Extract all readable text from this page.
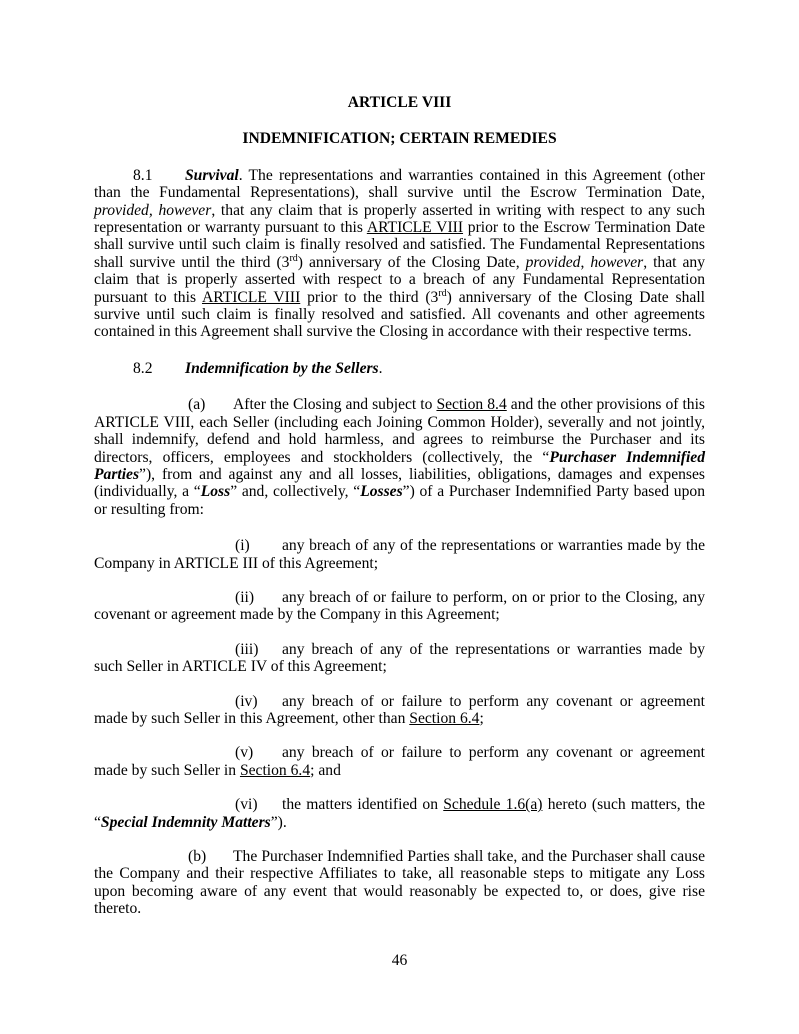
ARTICLE VIII

INDEMNIFICATION; CERTAIN REMEDIES

8.1 Survival. The representations and warranties contained in this Agreement (other than the Fundamental Representations), shall survive until the Escrow Termination Date, provided, however, that any claim that is properly asserted in writing with respect to any such representation or warranty pursuant to this ARTICLE VIII prior to the Escrow Termination Date shall survive until such claim is finally resolved and satisfied. The Fundamental Representations shall survive until the third (3rd) anniversary of the Closing Date, provided, however, that any claim that is properly asserted with respect to a breach of any Fundamental Representation pursuant to this ARTICLE VIII prior to the third (3rd) anniversary of the Closing Date shall survive until such claim is finally resolved and satisfied. All covenants and other agreements contained in this Agreement shall survive the Closing in accordance with their respective terms.

8.2 Indemnification by the Sellers.

(a) After the Closing and subject to Section 8.4 and the other provisions of this ARTICLE VIII, each Seller (including each Joining Common Holder), severally and not jointly, shall indemnify, defend and hold harmless, and agrees to reimburse the Purchaser and its directors, officers, employees and stockholders (collectively, the “Purchaser Indemnified Parties”), from and against any and all losses, liabilities, obligations, damages and expenses (individually, a “Loss” and, collectively, “Losses”) of a Purchaser Indemnified Party based upon or resulting from:

(i) any breach of any of the representations or warranties made by the Company in ARTICLE III of this Agreement;

(ii) any breach of or failure to perform, on or prior to the Closing, any covenant or agreement made by the Company in this Agreement;

(iii) any breach of any of the representations or warranties made by such Seller in ARTICLE IV of this Agreement;

(iv) any breach of or failure to perform any covenant or agreement made by such Seller in this Agreement, other than Section 6.4;

(v) any breach of or failure to perform any covenant or agreement made by such Seller in Section 6.4; and

(vi) the matters identified on Schedule 1.6(a) hereto (such matters, the “Special Indemnity Matters”).

(b) The Purchaser Indemnified Parties shall take, and the Purchaser shall cause the Company and their respective Affiliates to take, all reasonable steps to mitigate any Loss upon becoming aware of any event that would reasonably be expected to, or does, give rise thereto.

46
